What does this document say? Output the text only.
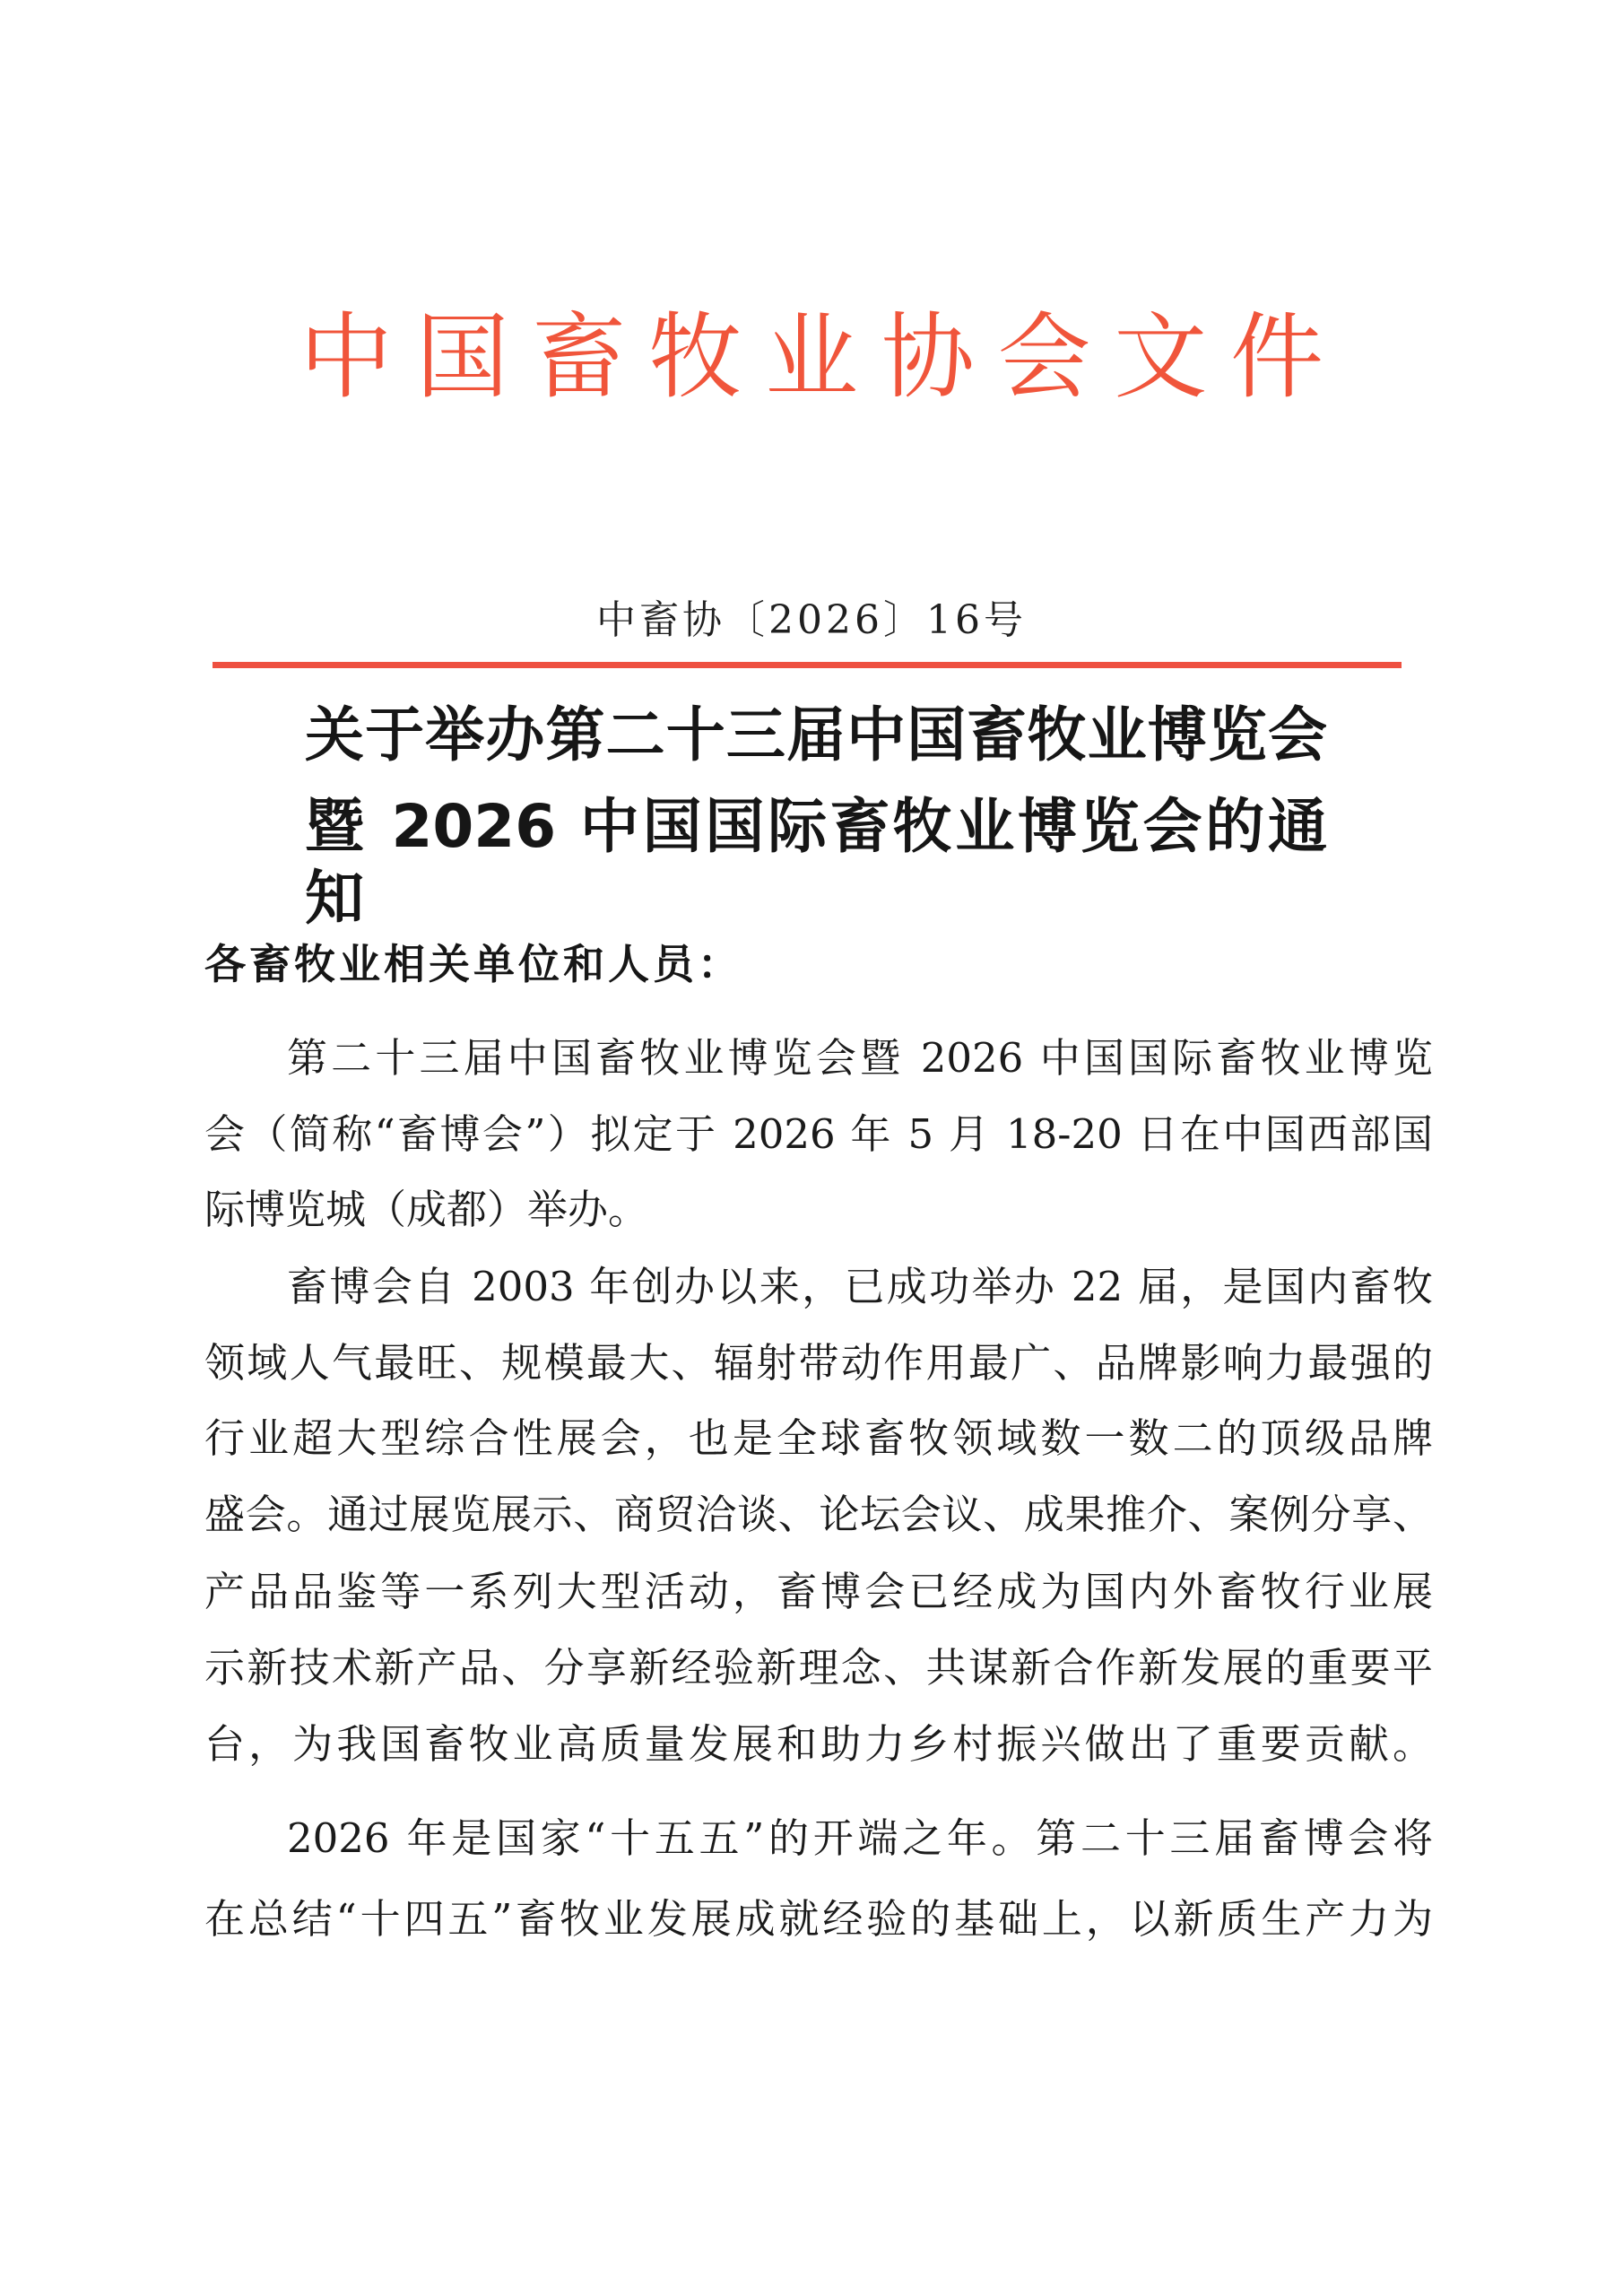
中 国 畜 牧 业 协 会 文 件
中畜协〔2026〕16号
关于举办第二十三届中国畜牧业博览会
暨 2026 中国国际畜牧业博览会的通知
各畜牧业相关单位和人员：
第二十三届中国畜牧业博览会暨 2026 中国国际畜牧业博览
会（简称“畜博会”）拟定于 2026 年 5 月 18-20 日在中国西部国
际博览城（成都）举办。
畜博会自 2003 年创办以来，已成功举办 22 届，是国内畜牧
领域人气最旺、规模最大、辐射带动作用最广、品牌影响力最强的
行业超大型综合性展会，也是全球畜牧领域数一数二的顶级品牌
盛会。通过展览展示、商贸洽谈、论坛会议、成果推介、案例分享、
产品品鉴等一系列大型活动，畜博会已经成为国内外畜牧行业展
示新技术新产品、分享新经验新理念、共谋新合作新发展的重要平
台，为我国畜牧业高质量发展和助力乡村振兴做出了重要贡献。
2026 年是国家“十五五”的开端之年。第二十三届畜博会将
在总结“十四五”畜牧业发展成就经验的基础上，以新质生产力为
